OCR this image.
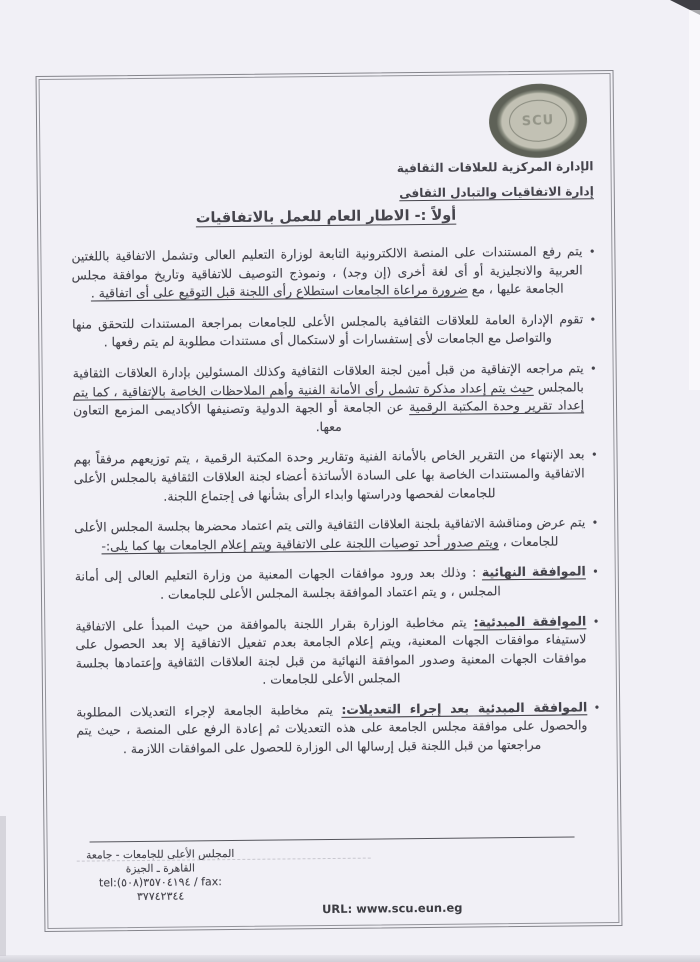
SCU
الإدارة المركزية للعلاقات الثقافية
إدارة الاتفاقيات والتبادل الثقافى
أولاً :- الاطار العام للعمل بالاتفاقيات
•
يتم رفع المستندات على المنصة الالكترونية التابعة لوزارة التعليم العالى وتشمل الاتفاقية باللغتين العربية والانجليزية أو أى لغة أخرى (إن وجد) ، ونموذج التوصيف للاتفاقية وتاريخ موافقة مجلس الجامعة عليها ، مع ضرورة مراعاة الجامعات استطلاع رأى اللجنة قبل التوقيع على أى اتفاقية .
•
تقوم الإدارة العامة للعلاقات الثقافية بالمجلس الأعلى للجامعات بمراجعة المستندات للتحقق منها والتواصل مع الجامعات لأى إستفسارات أو لاستكمال أى مستندات مطلوبة لم يتم رفعها .
•
يتم مراجعه الإتفاقية من قبل أمين لجنة العلاقات الثقافية وكذلك المسئولين بإدارة العلاقات الثقافية بالمجلس حيث يتم إعداد مذكرة تشمل رأى الأمانة الفنية وأهم الملاحظات الخاصة بالإتفاقية ، كما يتم إعداد تقرير وحدة المكتبة الرقمية عن الجامعة أو الجهة الدولية وتصنيفها الأكاديمى المزمع التعاون معها.
•
بعد الإنتهاء من التقرير الخاص بالأمانة الفنية وتقارير وحدة المكتبة الرقمية ، يتم توزيعهم مرفقاً بهم الاتفاقية والمستندات الخاصة بها على السادة الأساتذة أعضاء لجنة العلاقات الثقافية بالمجلس الأعلى للجامعات لفحصها ودراستها وابداء الرأى بشأنها فى إجتماع اللجنة.
•
يتم عرض ومناقشة الاتفاقية بلجنة العلاقات الثقافية والتى يتم اعتماد محضرها بجلسة المجلس الأعلى للجامعات ، ويتم صدور أحد توصيات اللجنة على الاتفاقية ويتم إعلام الجامعات بها كما يلى:-
•
الموافقة النهائية : وذلك بعد ورود موافقات الجهات المعنية من وزارة التعليم العالى إلى أمانة المجلس ، و يتم اعتماد الموافقة بجلسة المجلس الأعلى للجامعات .
•
الموافقة المبدئية: يتم مخاطبة الوزارة بقرار اللجنة بالموافقة من حيث المبدأ على الاتفاقية لاستيفاء موافقات الجهات المعنية، ويتم إعلام الجامعة بعدم تفعيل الاتفاقية إلا بعد الحصول على موافقات الجهات المعنية وصدور الموافقة النهائية من قبل لجنة العلاقات الثقافية وإعتمادها بجلسة المجلس الأعلى للجامعات .
•
الموافقة المبدئية بعد إجراء التعديلات: يتم مخاطبة الجامعة لإجراء التعديلات المطلوبة والحصول على موافقة مجلس الجامعة على هذه التعديلات ثم إعادة الرفع على المنصة ، حيث يتم مراجعتها من قبل اللجنة قبل إرسالها الى الوزارة للحصول على الموافقات اللازمة .
المجلس الأعلى للجامعات - جامعة القاهرة ـ الجيزة
tel:٣٥٧٠٤١٩٤(٥٠٨) / fax: ٣٧٧٤٢٣٤٤
URL: www.scu.eun.eg
